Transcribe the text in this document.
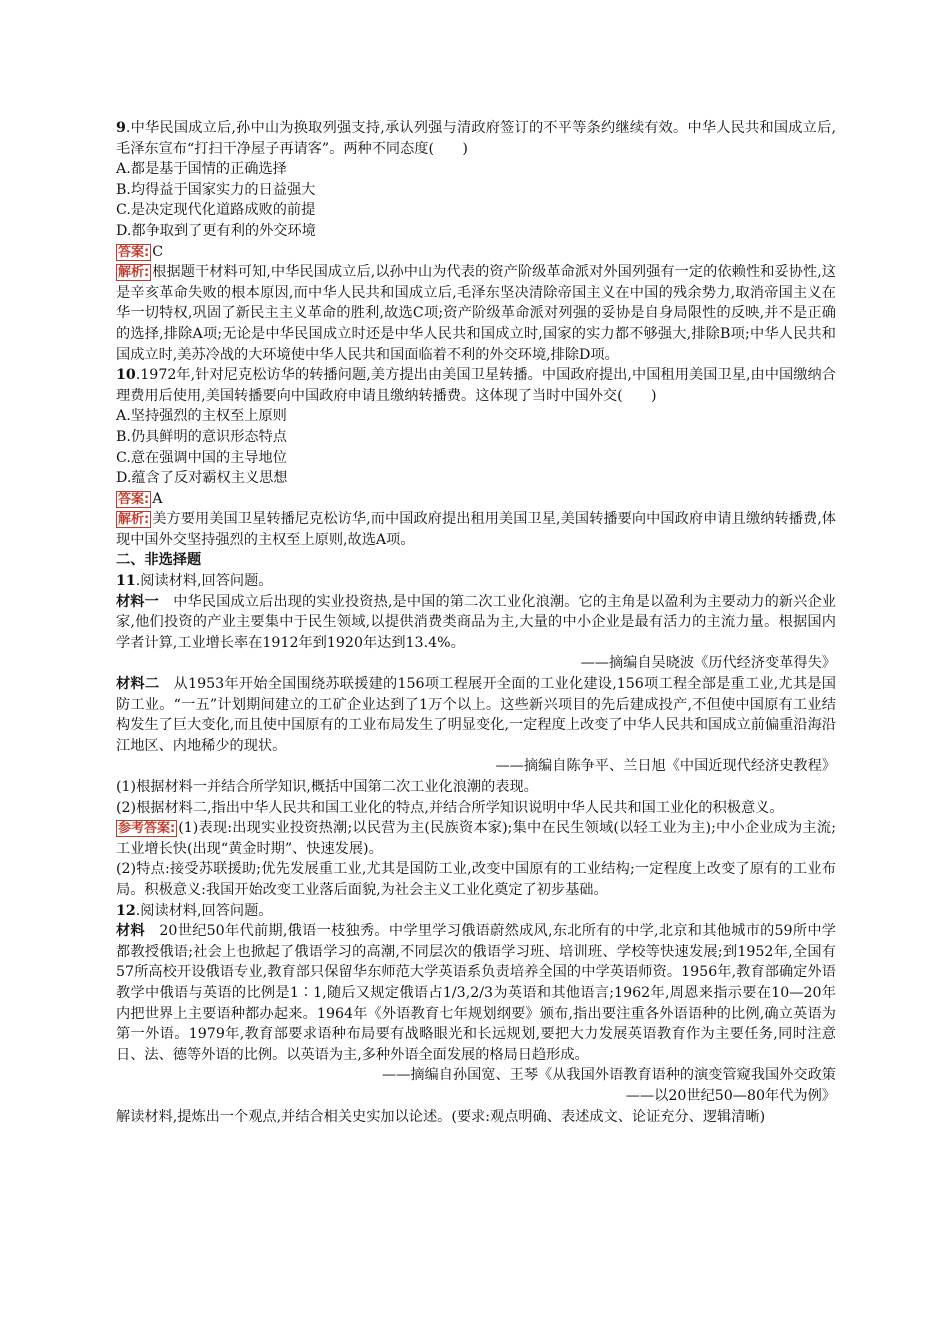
9.中华民国成立后,孙中山为换取列强支持,承认列强与清政府签订的不平等条约继续有效。中华人民共和国成立后,毛泽东宣布“打扫干净屋子再请客”。两种不同态度(　　)

A.都是基于国情的正确选择

B.均得益于国家实力的日益强大

C.是决定现代化道路成败的前提

D.都争取到了更有利的外交环境

答案: C

解析: 根据题干材料可知,中华民国成立后,以孙中山为代表的资产阶级革命派对外国列强有一定的依赖性和妥协性,这是辛亥革命失败的根本原因,而中华人民共和国成立后,毛泽东坚决清除帝国主义在中国的残余势力,取消帝国主义在华一切特权,巩固了新民主主义革命的胜利,故选C项;资产阶级革命派对列强的妥协是自身局限性的反映,并不是正确的选择,排除A项;无论是中华民国成立时还是中华人民共和国成立时,国家的实力都不够强大,排除B项;中华人民共和国成立时,美苏冷战的大环境使中华人民共和国面临着不利的外交环境,排除D项。

10.1972年,针对尼克松访华的转播问题,美方提出由美国卫星转播。中国政府提出,中国租用美国卫星,由中国缴纳合理费用后使用,美国转播要向中国政府申请且缴纳转播费。这体现了当时中国外交(　　)

A.坚持强烈的主权至上原则

B.仍具鲜明的意识形态特点

C.意在强调中国的主导地位

D.蕴含了反对霸权主义思想

答案: A

解析: 美方要用美国卫星转播尼克松访华,而中国政府提出租用美国卫星,美国转播要向中国政府申请且缴纳转播费,体现中国外交坚持强烈的主权至上原则,故选A项。

二、非选择题

11.阅读材料,回答问题。

材料一　中华民国成立后出现的实业投资热,是中国的第二次工业化浪潮。它的主角是以盈利为主要动力的新兴企业家,他们投资的产业主要集中于民生领域,以提供消费类商品为主,大量的中小企业是最有活力的主流力量。根据国内学者计算,工业增长率在1912年到1920年达到13.4%。

——摘编自吴晓波《历代经济变革得失》

材料二　从1953年开始全国围绕苏联援建的156项工程展开全面的工业化建设,156项工程全部是重工业,尤其是国防工业。“一五”计划期间建立的工矿企业达到了1万个以上。这些新兴项目的先后建成投产,不但使中国原有工业结构发生了巨大变化,而且使中国原有的工业布局发生了明显变化,一定程度上改变了中华人民共和国成立前偏重沿海沿江地区、内地稀少的现状。

——摘编自陈争平、兰日旭《中国近现代经济史教程》

(1)根据材料一并结合所学知识,概括中国第二次工业化浪潮的表现。

(2)根据材料二,指出中华人民共和国工业化的特点,并结合所学知识说明中华人民共和国工业化的积极意义。

参考答案: (1)表现:出现实业投资热潮;以民营为主(民族资本家);集中在民生领域(以轻工业为主);中小企业成为主流;工业增长快(出现“黄金时期”、快速发展)。

(2)特点:接受苏联援助;优先发展重工业,尤其是国防工业,改变中国原有的工业结构;一定程度上改变了原有的工业布局。积极意义:我国开始改变工业落后面貌,为社会主义工业化奠定了初步基础。

12.阅读材料,回答问题。

材料　20世纪50年代前期,俄语一枝独秀。中学里学习俄语蔚然成风,东北所有的中学,北京和其他城市的59所中学都教授俄语;社会上也掀起了俄语学习的高潮,不同层次的俄语学习班、培训班、学校等快速发展;到1952年,全国有57所高校开设俄语专业,教育部只保留华东师范大学英语系负责培养全国的中学英语师资。1956年,教育部确定外语教学中俄语与英语的比例是1∶1,随后又规定俄语占1/3,2/3为英语和其他语言;1962年,周恩来指示要在10—20年内把世界上主要语种都办起来。1964年《外语教育七年规划纲要》颁布,指出要注重各外语语种的比例,确立英语为第一外语。1979年,教育部要求语种布局要有战略眼光和长远规划,要把大力发展英语教育作为主要任务,同时注意日、法、德等外语的比例。以英语为主,多种外语全面发展的格局日趋形成。

——摘编自孙国宽、王琴《从我国外语教育语种的演变管窥我国外交政策

——以20世纪50—80年代为例》

解读材料,提炼出一个观点,并结合相关史实加以论述。(要求:观点明确、表述成文、论证充分、逻辑清晰)
